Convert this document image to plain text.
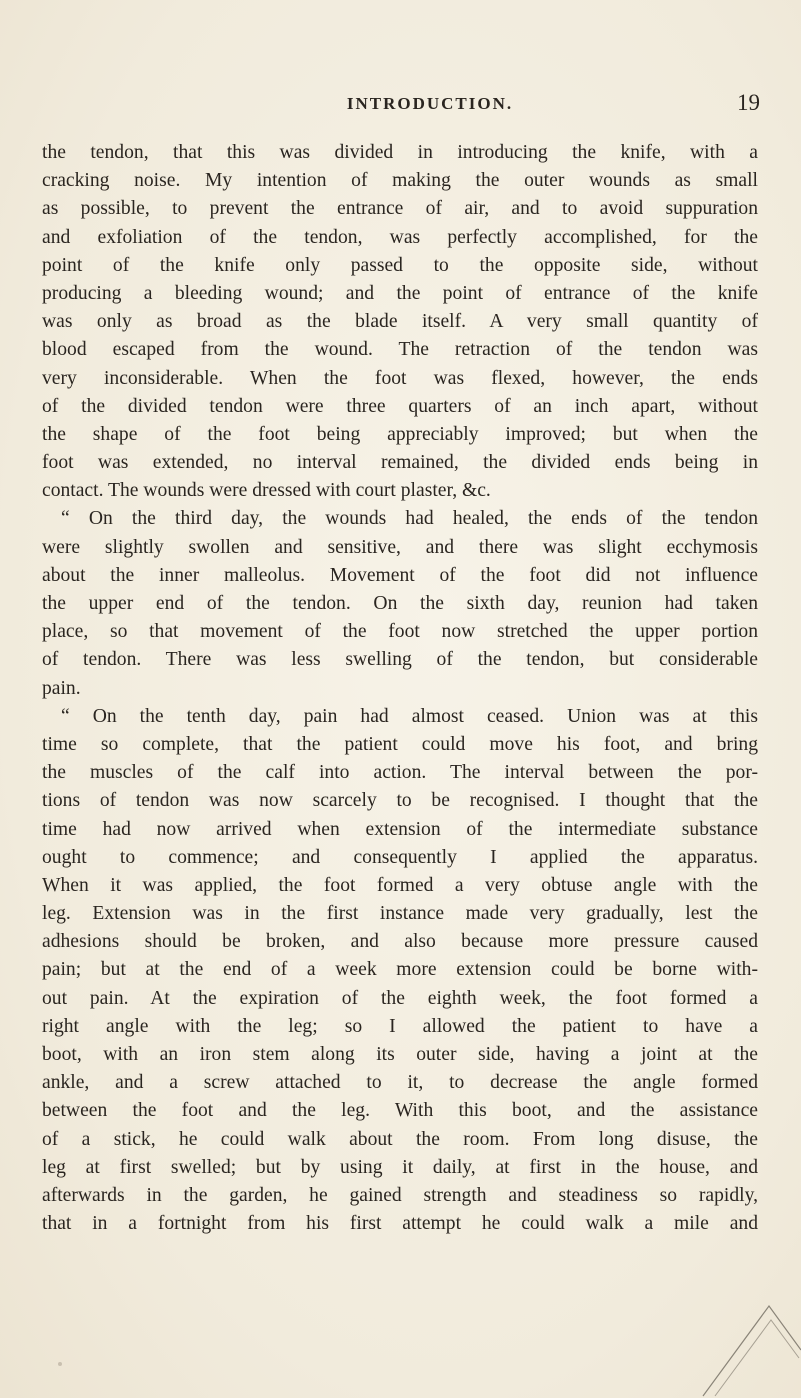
INTRODUCTION.	19
the tendon, that this was divided in introducing the knife, with a
cracking noise. My intention of making the outer wounds as small
as possible, to prevent the entrance of air, and to avoid suppuration
and exfoliation of the tendon, was perfectly accomplished, for the
point of the knife only passed to the opposite side, without
producing a bleeding wound; and the point of entrance of the knife
was only as broad as the blade itself. A very small quantity of
blood escaped from the wound. The retraction of the tendon was
very inconsiderable. When the foot was flexed, however, the ends
of the divided tendon were three quarters of an inch apart, without
the shape of the foot being appreciably improved; but when the
foot was extended, no interval remained, the divided ends being in
contact. The wounds were dressed with court plaster, &c.
“ On the third day, the wounds had healed, the ends of the tendon
were slightly swollen and sensitive, and there was slight ecchymosis
about the inner malleolus. Movement of the foot did not influence
the upper end of the tendon. On the sixth day, reunion had taken
place, so that movement of the foot now stretched the upper portion
of tendon. There was less swelling of the tendon, but considerable
pain.
“ On the tenth day, pain had almost ceased. Union was at this
time so complete, that the patient could move his foot, and bring
the muscles of the calf into action. The interval between the por-
tions of tendon was now scarcely to be recognised. I thought that the
time had now arrived when extension of the intermediate substance
ought to commence; and consequently I applied the apparatus.
When it was applied, the foot formed a very obtuse angle with the
leg. Extension was in the first instance made very gradually, lest the
adhesions should be broken, and also because more pressure caused
pain; but at the end of a week more extension could be borne with-
out pain. At the expiration of the eighth week, the foot formed a
right angle with the leg; so I allowed the patient to have a
boot, with an iron stem along its outer side, having a joint at the
ankle, and a screw attached to it, to decrease the angle formed
between the foot and the leg. With this boot, and the assistance
of a stick, he could walk about the room. From long disuse, the
leg at first swelled; but by using it daily, at first in the house, and
afterwards in the garden, he gained strength and steadiness so rapidly,
that in a fortnight from his first attempt he could walk a mile and
